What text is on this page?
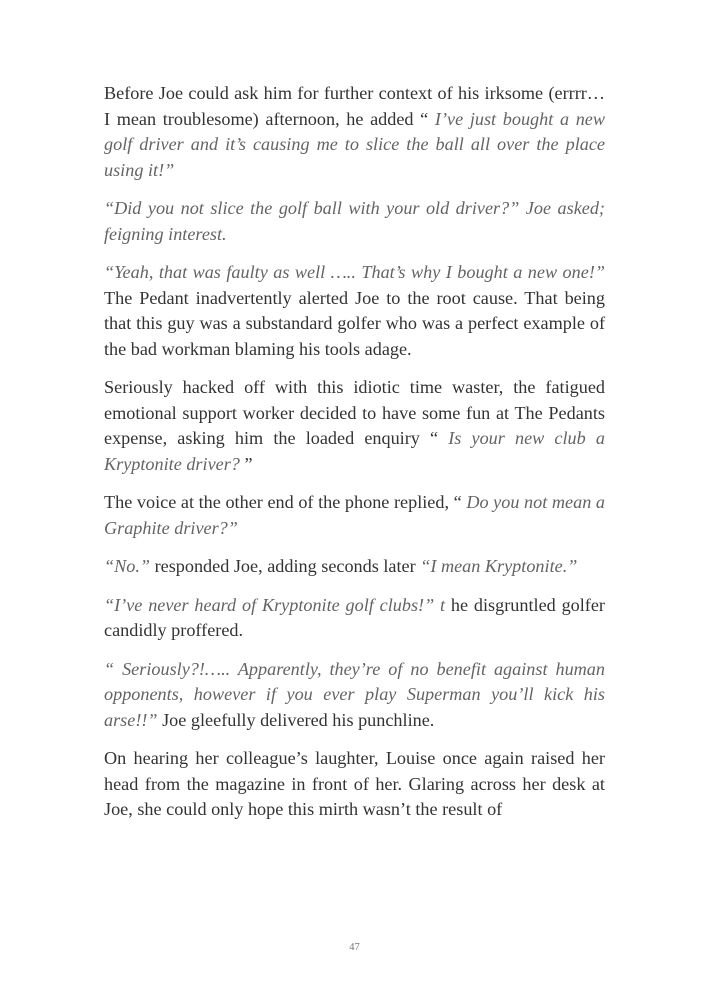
Before Joe could ask him for further context of his irksome (errrr… I mean troublesome) afternoon, he added “ I’ve just bought a new golf driver and it’s causing me to slice the ball all over the place using it!”

“Did you not slice the golf ball with your old driver?” Joe asked; feigning interest.

“Yeah, that was faulty as well ….. That’s why I bought a new one!” The Pedant inadvertently alerted Joe to the root cause. That being that this guy was a substandard golfer who was a perfect example of the bad workman blaming his tools adage.

Seriously hacked off with this idiotic time waster, the fatigued emotional support worker decided to have some fun at The Pedants expense, asking him the loaded enquiry “ Is your new club a Kryptonite driver? ”

The voice at the other end of the phone replied, “ Do you not mean a Graphite driver?”

“No.” responded Joe, adding seconds later “I mean Kryptonite.”

“I’ve never heard of Kryptonite golf clubs!” t he disgruntled golfer candidly proffered.

“ Seriously?!….. Apparently, they’re of no benefit against human opponents, however if you ever play Superman you’ll kick his arse!!” Joe gleefully delivered his punchline.

On hearing her colleague’s laughter, Louise once again raised her head from the magazine in front of her. Glaring across her desk at Joe, she could only hope this mirth wasn’t the result of

47
